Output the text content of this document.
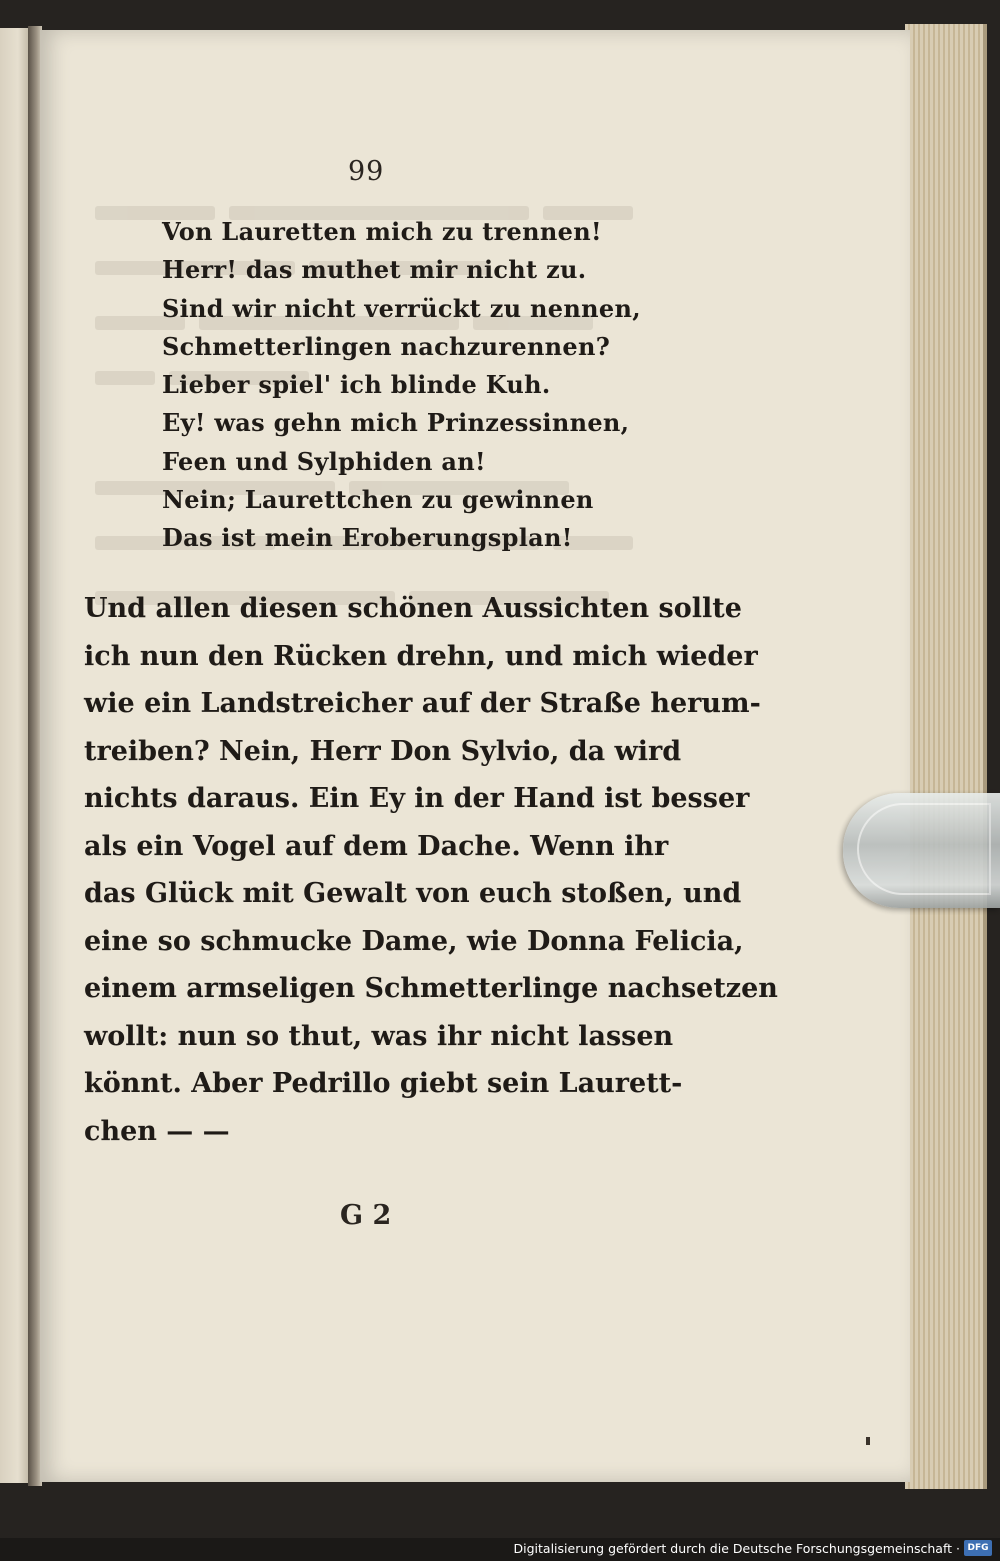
99
Von Lauretten mich zu trennen!
Herr! das muthet mir nicht zu.
Sind wir nicht verrückt zu nennen,
Schmetterlingen nachzurennen?
Lieber spiel' ich blinde Kuh.
Ey! was gehn mich Prinzessinnen,
Feen und Sylphiden an!
Nein; Laurettchen zu gewinnen
Das ist mein Eroberungsplan!
Und allen diesen schönen Aussichten sollte
ich nun den Rücken drehn, und mich wieder
wie ein Landstreicher auf der Straße herum-
treiben? Nein, Herr Don Sylvio, da wird
nichts daraus. Ein Ey in der Hand ist besser
als ein Vogel auf dem Dache. Wenn ihr
das Glück mit Gewalt von euch stoßen, und
eine so schmucke Dame, wie Donna Felicia,
einem armseligen Schmetterlinge nachsetzen
wollt: nun so thut, was ihr nicht lassen
könnt. Aber Pedrillo giebt sein Laurett-
chen — —
G 2
Digitalisierung gefördert durch die Deutsche Forschungsgemeinschaft · DFG
